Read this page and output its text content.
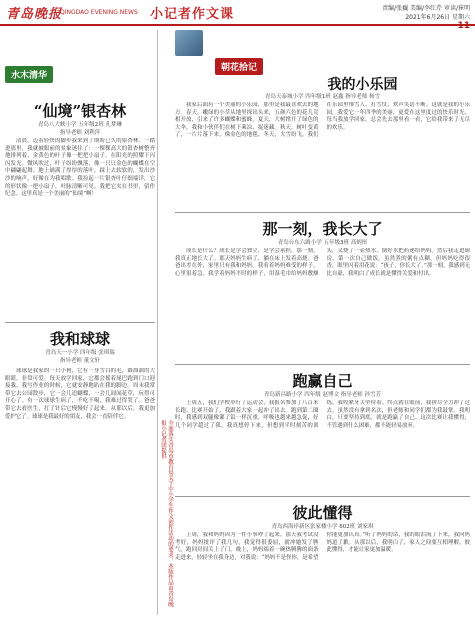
青岛晚报
QINGDAO EVENING NEWS 小记者作文课	责编/张巍 美编/李红芹 审读/崔明
2021年6月26日 星期六
11
水木清华
“仙境”银杏林
青岛八大峡小学 五年级2班 孔梦琳
指导老师 刘利萍
清晨，迈着轻快的脚步我来到了期盼已久的银杏林。一踏进那里，我就被眼前的景象迷住了：一棵棵高大的银杏树整齐地排列着，金黄色的叶子像一把把小扇子，在阳光的照耀下闪闪发光。微风吹过，叶子纷纷飘落，像一只只金色的蝴蝶在空中翩翩起舞。地上铺满了厚厚的落叶，踩上去软软的，发出沙沙的响声，好像在为我唱歌。我捡起一片银杏叶仔细端详，它的形状像一把小扇子，叶脉清晰可见。我把它夹在书里，留作纪念。这里真是一个美丽的“仙境”啊！
我和球球
青岛天一小学 四年级 张琪瑞
指导老师 董文轩
球球是我家的一只小狗，它有一身雪白的毛，圆溜溜的大眼睛，非常可爱。每天放学回家，它都会摇着尾巴跑到门口迎接我。我写作业的时候，它就安静地趴在我的脚边。周末我常带它去公园散步，它一会儿追蝴蝶，一会儿闻闻花草，玩得可开心了。有一次球球生病了，不吃不喝，我难过得哭了。爸爸带它去看医生，打了针后它慢慢好了起来。从那以后，我更加爱护它了。球球是我最好的朋友，我会一直陪伴它。
全面落实青岛市教育局关于中小学生作文创作活动的要求，本版作品由青岛晚报小记者团提供
朝花拾记
我的小乐园
青岛天泰城小学 四年级1班 赵鑫 指导老师 杨雪
我家后面有一个美丽的小乐园，那里是我最喜欢去的地方。春天，嫩绿的小草从地里探出头来，五颜六色的花儿竞相开放，引来了许多蝴蝶和蜜蜂。夏天，大树撑开了绿色的大伞，我和小伙伴们在树下乘凉、捉迷藏。秋天，树叶变黄了，一片片落下来，像金色的地毯。冬天，大雪纷飞，我们在乐园里堆雪人、打雪仗，欢声笑语不断。这就是我的小乐园，我爱它一年四季的美丽，更爱在这里度过的快乐时光。每当我放学回家，总会先去那里看一看，它给我带来了无尽的欢乐。
那一刻，我长大了
青岛台东六路小学 五年级3班 高炳彤
成长是什么？成长是学会独立，是学会承担。那一刻，我真正地长大了。那天妈妈生病了，躺在床上发着高烧。爸爸出差在外，家里只有我和妈妈。我看着妈妈难受的样子，心里很着急。我学着妈妈平时的样子，用湿毛巾给妈妈敷额头，又烧了一壶热水，倒好水把药递给妈妈。然后我走进厨房，第一次自己做饭。虽然煮的粥有点糊，但妈妈吃得很香，眼里闪着泪花说：“孩子，你长大了。”那一刻，我感到无比自豪，我明白了成长就是懂得关爱和付出。
跑赢自己
青岛新昌路小学 四年级 赵博文 指导老师 孙雪芳
上周五，我们学校举行了运动会，我报名参加了八百米长跑。比赛开始了，我跟着大家一起冲了出去。跑到第二圈时，我感到双腿像灌了铅一样沉重，呼吸也越来越急促，好几个同学超过了我。我真想停下来，但想到平时刻苦的训练，我咬紧牙关坚持着。终点就在眼前，我拼尽全力冲了过去。虽然没有拿到名次，但老师和同学们都为我鼓掌。我明白，只要坚持到底，就是跑赢了自己。这次比赛让我懂得，不管遇到什么困难，都不能轻易放弃。
彼此懂得
青岛西海岸新区张家楼小学 602班 刘家琪
上周，我和妈妈因为一件小事吵了起来。那天我考试没考好，妈妈批评了我几句，我觉得很委屈，就冲她发了脾气，跑回房间关上了门。晚上，妈妈端着一碗热腾腾的面条走进来，轻轻坐在我身边，对我说：“妈妈不是怪你，是希望你能更加认真。”听了妈妈的话，我的眼泪流了下来，我向妈妈道了歉。从那以后，我明白了，家人之间要互相理解，彼此懂得，才能让家更加温暖。
